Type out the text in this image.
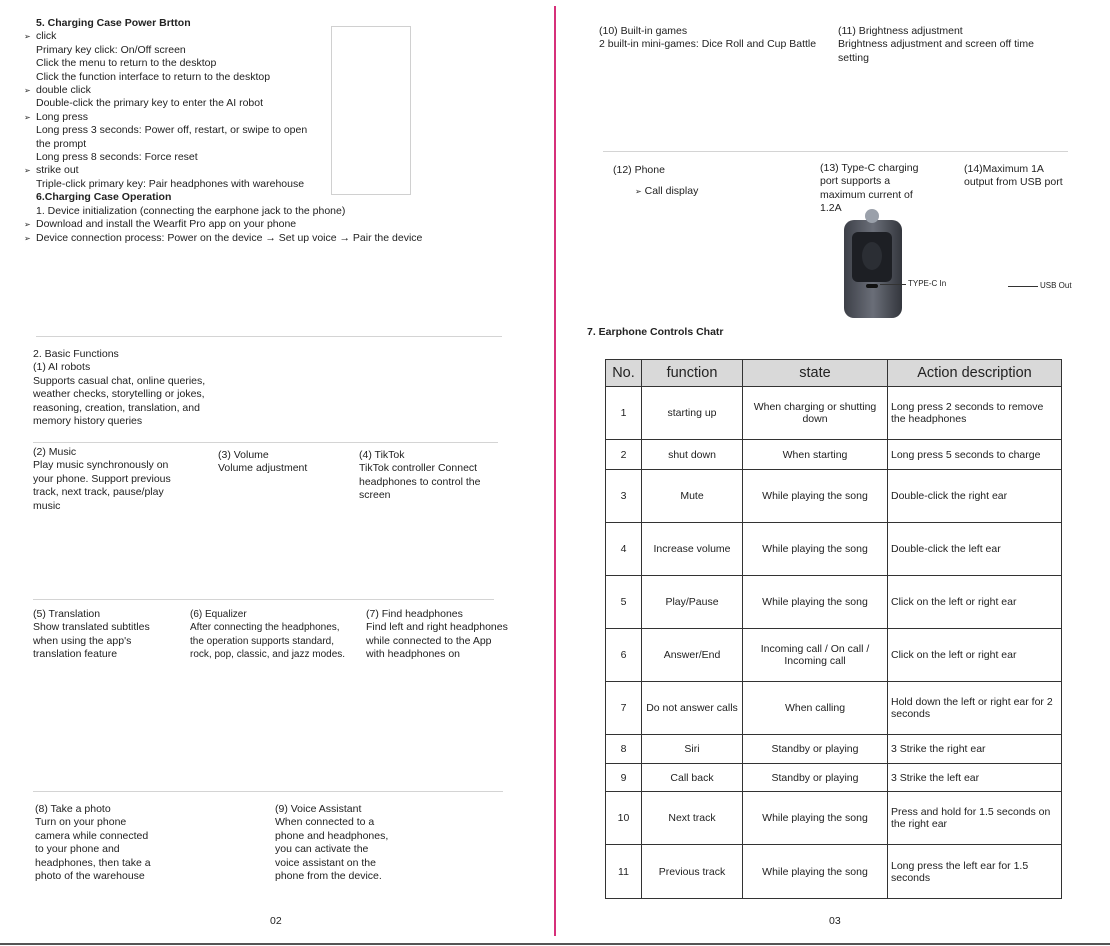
5. Charging Case Power Brtton
➢ click
Primary key click: On/Off screen
Click the menu to return to the desktop
Click the function interface to return to the desktop
➢ double click
Double-click the primary key to enter the AI robot
➢ Long press
Long press 3 seconds: Power off, restart, or swipe to open
the prompt
Long press 8 seconds: Force reset
➢ strike out
Triple-click primary key: Pair headphones with warehouse
6.Charging Case Operation
1. Device initialization (connecting the earphone jack to the phone)
➢ Download and install the Wearfit Pro app on your phone
➢ Device connection process: Power on the device → Set up voice → Pair the device
2. Basic Functions
(1) AI robots
Supports casual chat, online queries,
weather checks, storytelling or jokes,
reasoning, creation, translation, and
memory history queries
(2) Music
Play music synchronously on
your phone. Support previous
track, next track, pause/play
music
(3) Volume
Volume adjustment
(4) TikTok
TikTok controller Connect
headphones to control the
screen
(5) Translation
Show translated subtitles
when using the app's
translation feature
(6) Equalizer
After connecting the headphones,
the operation supports standard,
rock, pop, classic, and jazz modes.
(7) Find headphones
Find left and right headphones
while connected to the App
with headphones on
(8) Take a photo
Turn on your phone
camera while connected
to your phone and
headphones, then take a
photo of the warehouse
(9) Voice Assistant
When connected to a
phone and headphones,
you can activate the
voice assistant on the
phone from the device.
02
(10) Built-in games
2 built-in mini-games: Dice Roll and Cup Battle
(11) Brightness adjustment
Brightness adjustment and screen off time
setting
(12) Phone
➢ Call display
(13) Type-C charging
port supports a
maximum current of
1.2A
(14)Maximum 1A
output from USB port
TYPE-C In	USB Out
7. Earphone Controls Chatr
No.	function	state	Action description
1	starting up	When charging or shutting down	Long press 2 seconds to remove the headphones
2	shut down	When starting	Long press 5 seconds to charge
3	Mute	While playing the song	Double-click the right ear
4	Increase volume	While playing the song	Double-click the left ear
5	Play/Pause	While playing the song	Click on the left or right ear
6	Answer/End	Incoming call / On call / Incoming call	Click on the left or right ear
7	Do not answer calls	When calling	Hold down the left or right ear for 2 seconds
8	Siri	Standby or playing	3 Strike the right ear
9	Call back	Standby or playing	3 Strike the left ear
10	Next track	While playing the song	Press and hold for 1.5 seconds on the right ear
11	Previous track	While playing the song	Long press the left ear for 1.5 seconds
03
